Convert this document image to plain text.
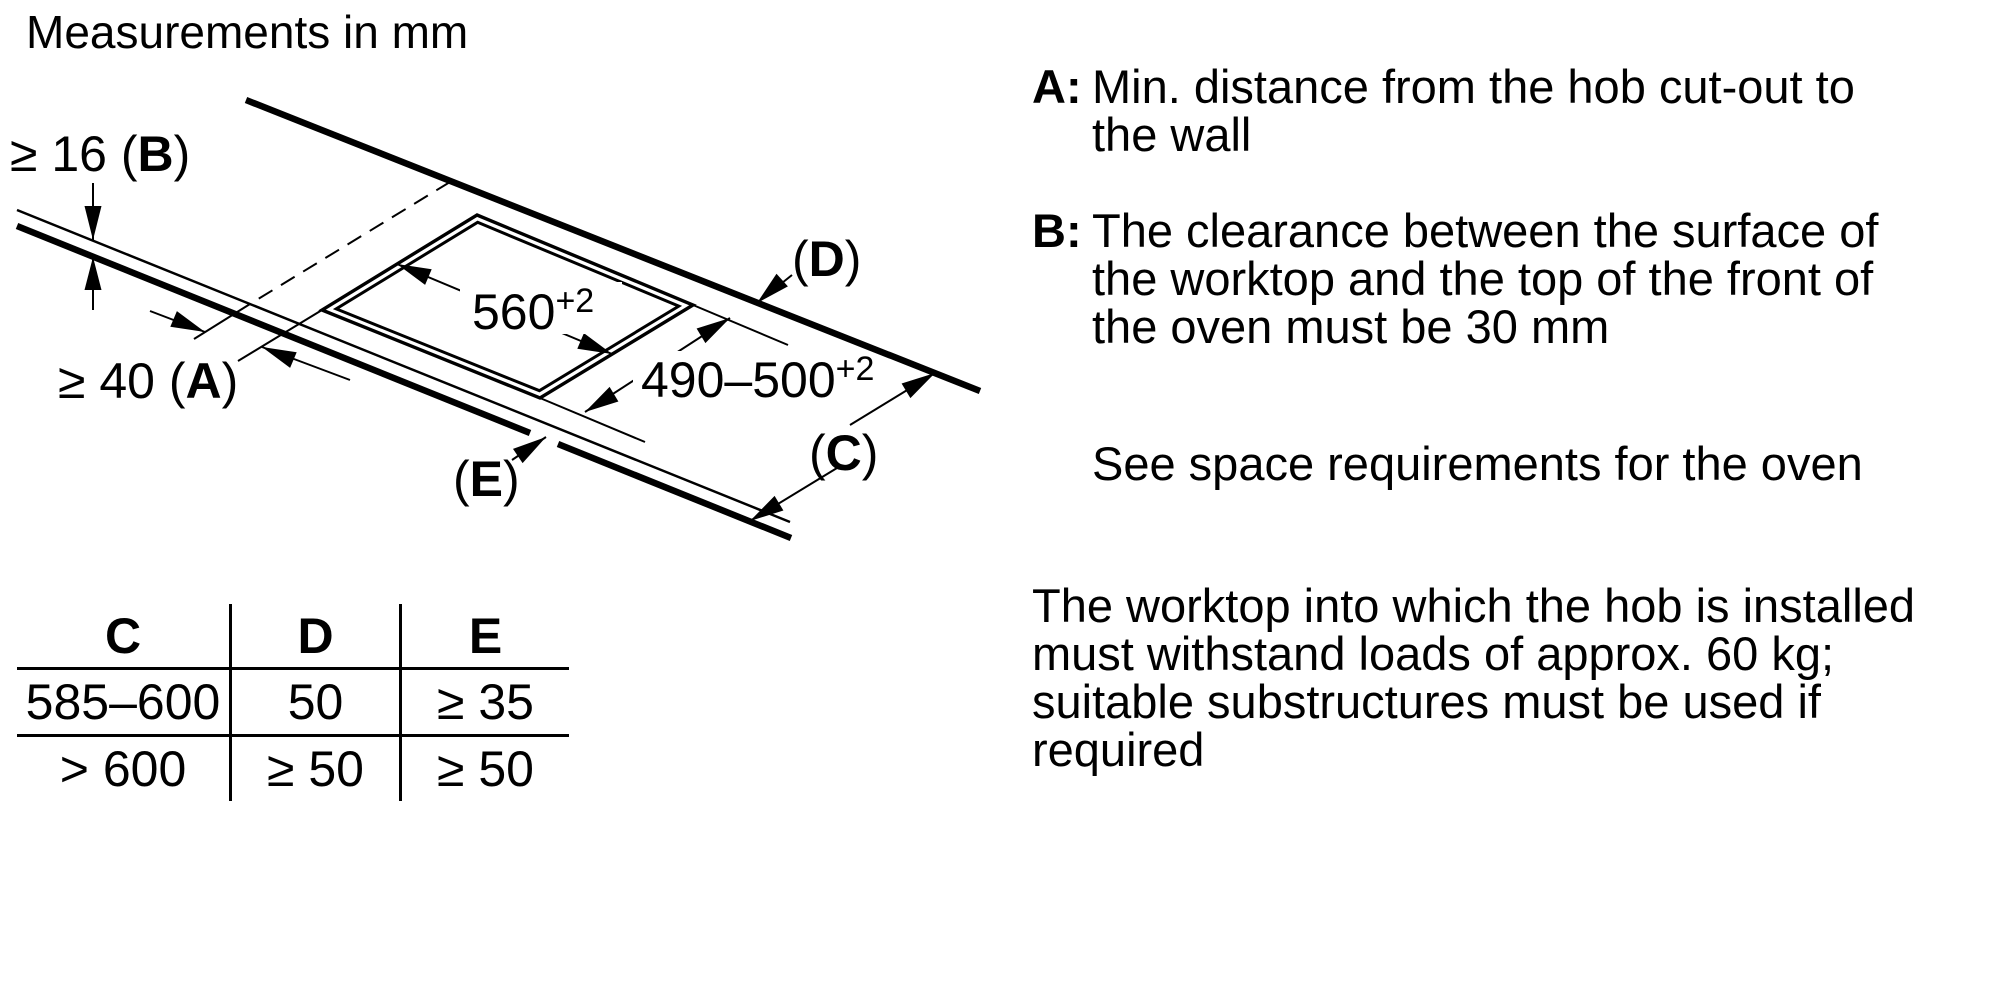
Measurements in mm
≥ 16 (B)
≥ 40 (A)
$560^{+2}$
$490-500^{+2}$
(D)
(C)
(E)
C	D	E
585–600	50	≥ 35
> 600	≥ 50	≥ 50
A: Min. distance from the hob cut-out to
the wall
B: The clearance between the surface of
the worktop and the top of the front of
the oven must be 30 mm
See space requirements for the oven
The worktop into which the hob is installed
must withstand loads of approx. 60 kg;
suitable substructures must be used if
required
